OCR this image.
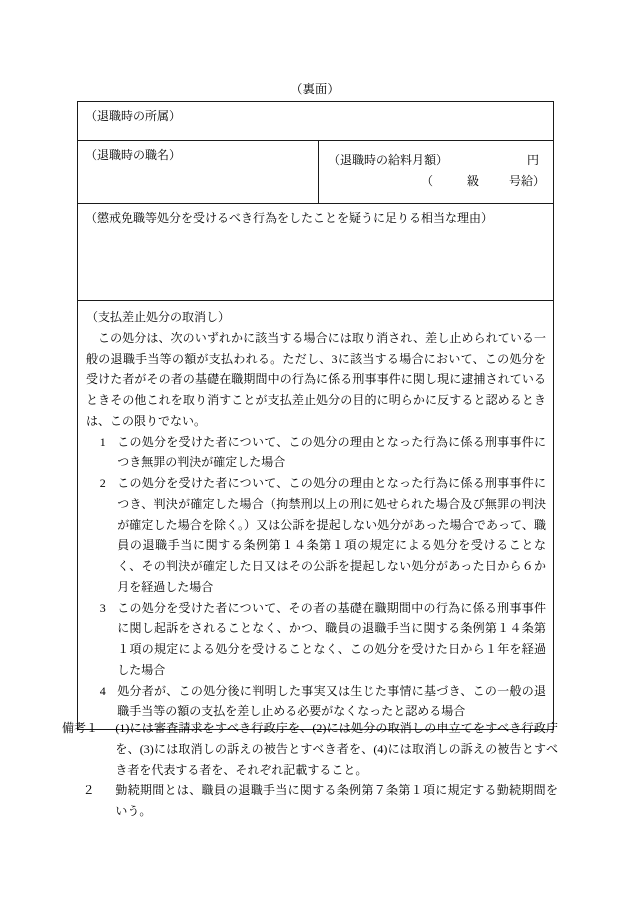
（裏面）
（退職時の所属）

（退職時の職名）	（退職時の給料月額）	円
（	級	号給）

（懲戒免職等処分を受けるべき行為をしたことを疑うに足りる相当な理由）

（支払差止処分の取消し）

この処分は、次のいずれかに該当する場合には取り消され、差し止められている一般の退職手当等の額が支払われる。ただし、3に該当する場合において、この処分を受けた者がその者の基礎在職期間中の行為に係る刑事事件に関し現に逮捕されているときその他これを取り消すことが支払差止処分の目的に明らかに反すると認めるときは、この限りでない。

1 この処分を受けた者について、この処分の理由となった行為に係る刑事事件につき無罪の判決が確定した場合
2 この処分を受けた者について、この処分の理由となった行為に係る刑事事件につき、判決が確定した場合（拘禁刑以上の刑に処せられた場合及び無罪の判決が確定した場合を除く。）又は公訴を提起しない処分があった場合であって、職員の退職手当に関する条例第１４条第１項の規定による処分を受けることなく、その判決が確定した日又はその公訴を提起しない処分があった日から６か月を経過した場合
3 この処分を受けた者について、その者の基礎在職期間中の行為に係る刑事事件に関し起訴をされることなく、かつ、職員の退職手当に関する条例第１４条第１項の規定による処分を受けることなく、この処分を受けた日から１年を経過した場合
4 処分者が、この処分後に判明した事実又は生じた事情に基づき、この一般の退職手当等の額の支払を差し止める必要がなくなったと認める場合
備考１ (1)には審査請求をすべき行政庁を、(2)には処分の取消しの申立てをすべき行政庁を、(3)には取消しの訴えの被告とすべき者を、(4)には取消しの訴えの被告とすべき者を代表する者を、それぞれ記載すること。
２ 勤続期間とは、職員の退職手当に関する条例第７条第１項に規定する勤続期間をいう。
